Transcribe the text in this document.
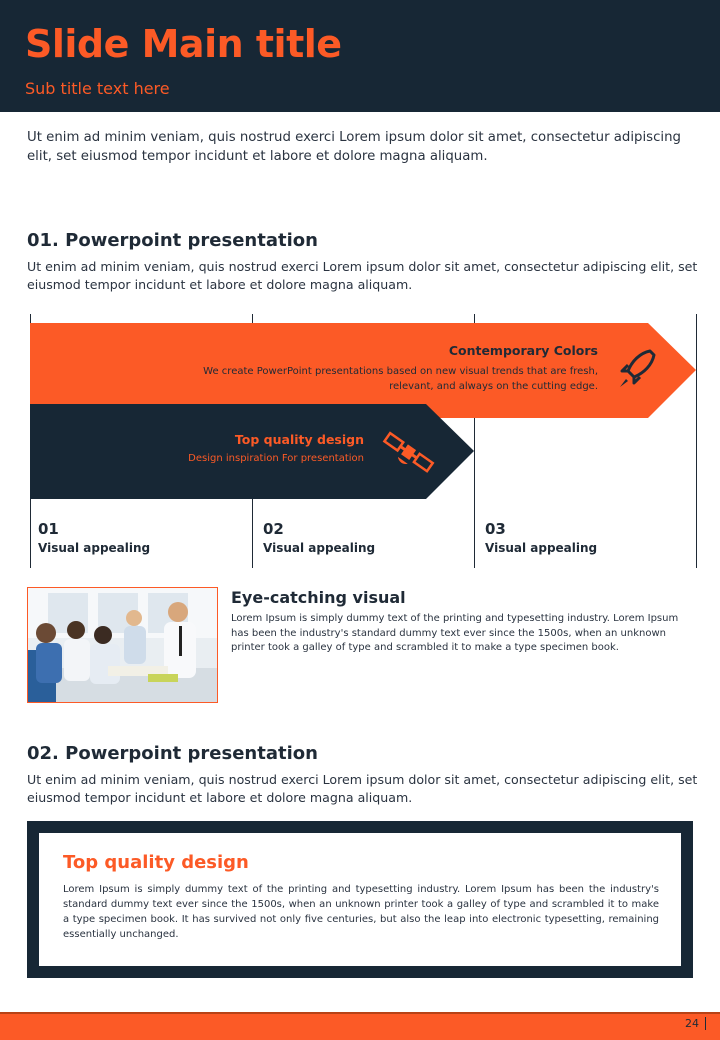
Slide Main title
Sub title text here
Ut enim ad minim veniam, quis nostrud exerci Lorem ipsum dolor sit amet, consectetur adipiscing elit, set eiusmod tempor incidunt et labore et dolore magna aliquam.
01. Powerpoint presentation
Ut enim ad minim veniam, quis nostrud exerci Lorem ipsum dolor sit amet, consectetur adipiscing elit, set eiusmod tempor incidunt et labore et dolore magna aliquam.
Contemporary Colors
We create PowerPoint presentations based on new visual trends that are fresh, relevant, and always on the cutting edge.
Top quality design
Design inspiration For presentation
01
Visual appealing
02
Visual appealing
03
Visual appealing
Eye-catching visual
Lorem Ipsum is simply dummy text of the printing and typesetting industry. Lorem Ipsum has been the industry's standard dummy text ever since the 1500s, when an unknown printer took a galley of type and scrambled it to make a type specimen book.
02. Powerpoint presentation
Ut enim ad minim veniam, quis nostrud exerci Lorem ipsum dolor sit amet, consectetur adipiscing elit, set eiusmod tempor incidunt et labore et dolore magna aliquam.
Top quality design
Lorem Ipsum is simply dummy text of the printing and typesetting industry. Lorem Ipsum has been the industry's standard dummy text ever since the 1500s, when an unknown printer took a galley of type and scrambled it to make a type specimen book. It has survived not only five centuries, but also the leap into electronic typesetting, remaining essentially unchanged.
24
